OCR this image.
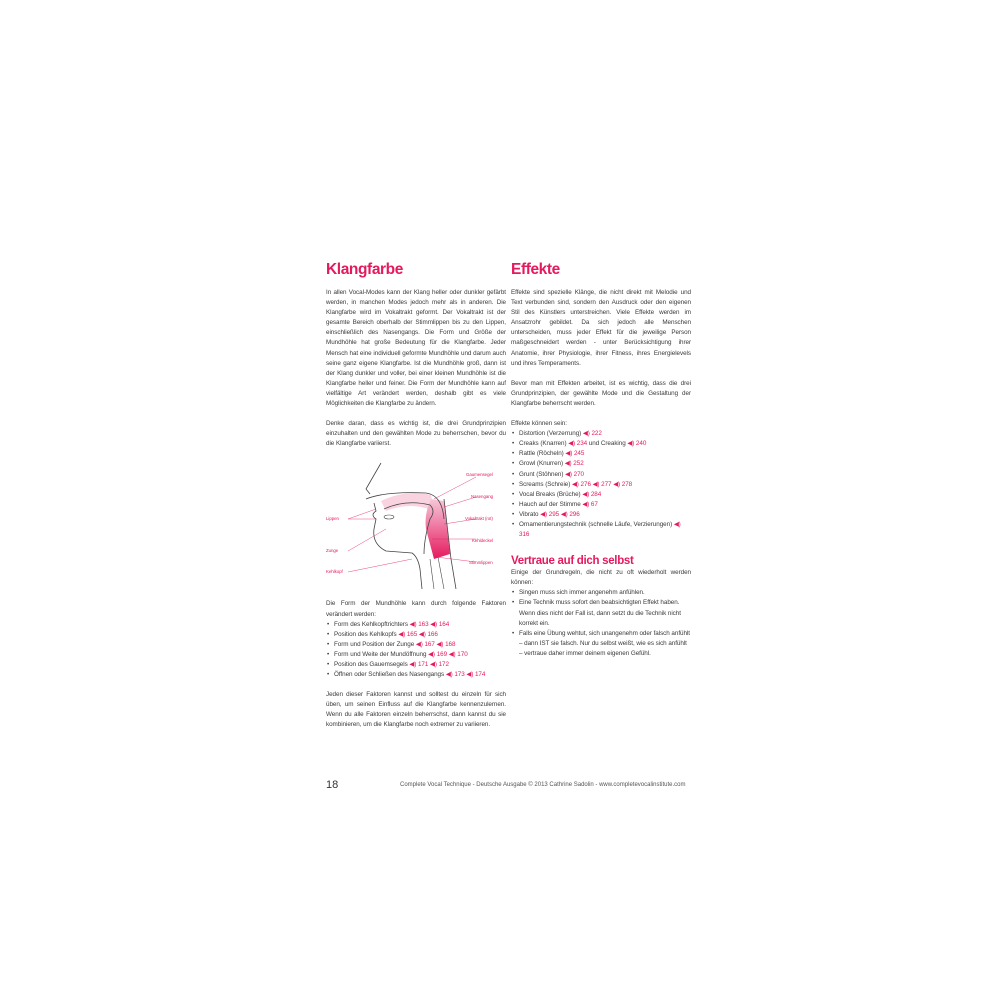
Klangfarbe

In allen Vocal-Modes kann der Klang heller oder dunkler gefärbt werden, in manchen Modes jedoch mehr als in anderen. Die Klangfarbe wird im Vokaltrakt geformt. Der Vokaltrakt ist der gesamte Bereich oberhalb der Stimmlippen bis zu den Lippen, einschließlich des Nasengangs. Die Form und Größe der Mundhöhle hat große Bedeutung für die Klangfarbe. Jeder Mensch hat eine individuell geformte Mundhöhle und darum auch seine ganz eigene Klangfarbe. Ist die Mundhöhle groß, dann ist der Klang dunkler und voller, bei einer kleinen Mundhöhle ist die Klangfarbe heller und feiner. Die Form der Mundhöhle kann auf vielfältige Art verändert werden, deshalb gibt es viele Möglichkeiten die Klangfarbe zu ändern.

Denke daran, dass es wichtig ist, die drei Grundprinzipien einzuhalten und den gewählten Mode zu beherrschen, bevor du die Klangfarbe variierst.

Gaumensegel
Nasengang
Vokaltrakt (rot)
Kehldeckel
Stimmlippen
Lippen
Zunge
Kehlkopf

Die Form der Mundhöhle kann durch folgende Faktoren verändert werden:

• Form des Kehlkopftrichters ◀) 163 ◀) 164
• Position des Kehlkopfs ◀) 165 ◀) 166
• Form und Position der Zunge ◀) 167 ◀) 168
• Form und Weite der Mundöffnung ◀) 169 ◀) 170
• Position des Gauemsegels ◀) 171 ◀) 172
• Öffnen oder Schließen des Nasengangs ◀) 173 ◀) 174

Jeden dieser Faktoren kannst und solltest du einzeln für sich üben, um seinen Einfluss auf die Klangfarbe kennenzulernen. Wenn du alle Faktoren einzeln beherrschst, dann kannst du sie kombinieren, um die Klangfarbe noch extremer zu variieren.

Effekte

Effekte sind spezielle Klänge, die nicht direkt mit Melodie und Text verbunden sind, sondern den Ausdruck oder den eigenen Stil des Künstlers unterstreichen. Viele Effekte werden im Ansatzrohr gebildet. Da sich jedoch alle Menschen unterscheiden, muss jeder Effekt für die jeweilige Person maßgeschneidert werden - unter Berücksichtigung ihrer Anatomie, ihrer Physiologie, ihrer Fitness, ihres Energielevels und ihres Temperaments.

Bevor man mit Effekten arbeitet, ist es wichtig, dass die drei Grundprinzipien, der gewählte Mode und die Gestaltung der Klangfarbe beherrscht werden.

Effekte können sein:

• Distortion (Verzerrung) ◀) 222
• Creaks (Knarren) ◀) 234 und Creaking ◀) 240
• Rattle (Röcheln) ◀) 245
• Growl (Knurren) ◀) 252
• Grunt (Stöhnen) ◀) 270
• Screams (Schreie) ◀) 276 ◀) 277 ◀) 278
• Vocal Breaks (Brüche) ◀) 284
• Hauch auf der Stimme ◀) 67
• Vibrato ◀) 295 ◀) 296
• Ornamentierungstechnik (schnelle Läufe, Verzierungen) ◀) 316
Vertraue auf dich selbst

Einige der Grundregeln, die nicht zu oft wiederholt werden können:

• Singen muss sich immer angenehm anfühlen.
• Eine Technik muss sofort den beabsichtigten Effekt haben. Wenn dies nicht der Fall ist, dann setzt du die Technik nicht korrekt ein.
• Falls eine Übung wehtut, sich unangenehm oder falsch anfühlt – dann IST sie falsch. Nur du selbst weißt, wie es sich anfühlt – vertraue daher immer deinem eigenen Gefühl.
18	Complete Vocal Technique - Deutsche Ausgabe © 2013 Cathrine Sadolin - www.completevocalinstitute.com
